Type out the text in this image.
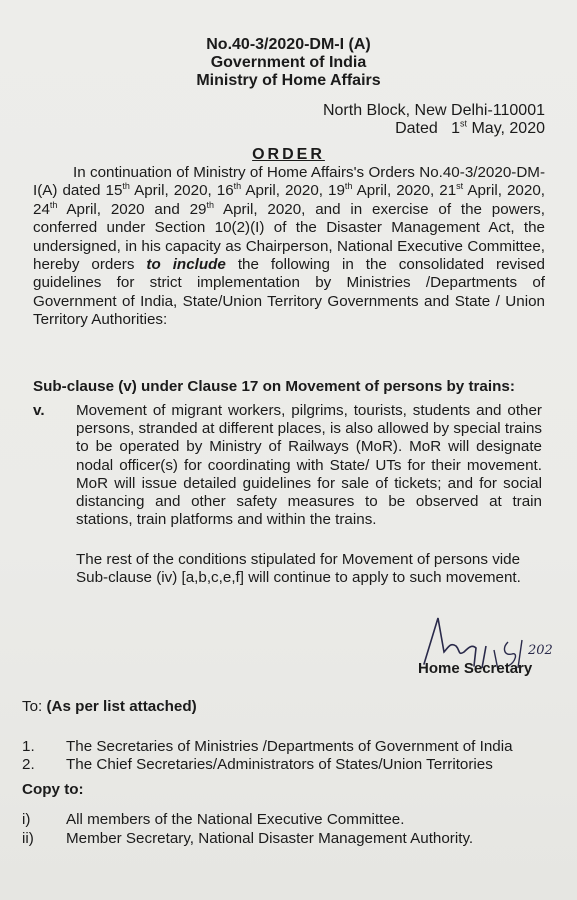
No.40-3/2020-DM-I (A)
Government of India
Ministry of Home Affairs
North Block, New Delhi-110001
Dated 1st May, 2020
ORDER
In continuation of Ministry of Home Affairs's Orders No.40-3/2020-DM-I(A) dated 15th April, 2020, 16th April, 2020, 19th April, 2020, 21st April, 2020, 24th April, 2020 and 29th April, 2020, and in exercise of the powers, conferred under Section 10(2)(I) of the Disaster Management Act, the undersigned, in his capacity as Chairperson, National Executive Committee, hereby orders to include the following in the consolidated revised guidelines for strict implementation by Ministries /Departments of Government of India, State/Union Territory Governments and State / Union Territory Authorities:
Sub-clause (v) under Clause 17 on Movement of persons by trains:
v. Movement of migrant workers, pilgrims, tourists, students and other persons, stranded at different places, is also allowed by special trains to be operated by Ministry of Railways (MoR). MoR will designate nodal officer(s) for coordinating with State/ UTs for their movement. MoR will issue detailed guidelines for sale of tickets; and for social distancing and other safety measures to be observed at train stations, train platforms and within the trains.
The rest of the conditions stipulated for Movement of persons vide Sub-clause (iv) [a,b,c,e,f] will continue to apply to such movement.
202
Home Secretary
To: (As per list attached)
1. The Secretaries of Ministries /Departments of Government of India
2. The Chief Secretaries/Administrators of States/Union Territories
Copy to:
i) All members of the National Executive Committee.
ii) Member Secretary, National Disaster Management Authority.
